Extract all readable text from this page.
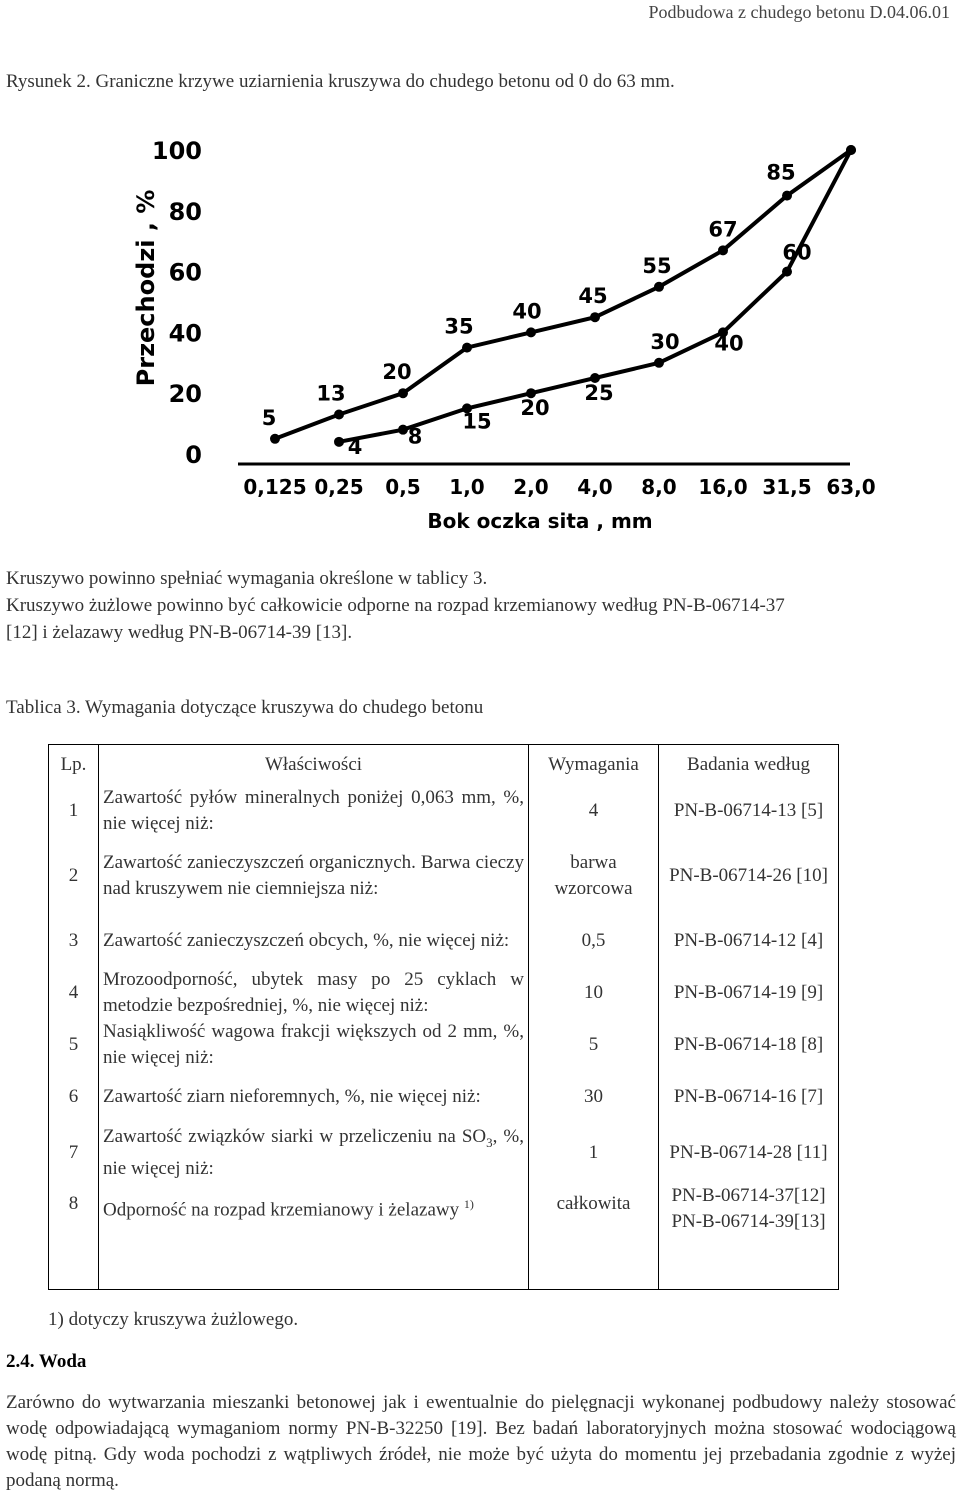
Podbudowa z chudego betonu D.04.06.01
Rysunek 2. Graniczne krzywe uziarnienia kruszywa do chudego betonu od 0 do 63 mm.
Przechodzi , %
0
20
40
60
80
100
0,125 0,25 0,5 1,0 2,0 4,0 8,0 16,0 31,5 63,0
5
13
20
35
40
45
55
67
85
4 8
15
20
25
30 40
60
Bok oczka sita , mm
Kruszywo powinno spełniać wymagania określone w tablicy 3.
Kruszywo żużlowe powinno być całkowicie odporne na rozpad krzemianowy według PN-B-06714-37
[12] i żelazawy według PN-B-06714-39 [13].
Tablica 3. Wymagania dotyczące kruszywa do chudego betonu
Lp.	Właściwości	Wymagania	Badania według
1	Zawartość pyłów mineralnych poniżej 0,063 mm, %, nie więcej niż:	4	PN-B-06714-13 [5]
2	Zawartość zanieczyszczeń organicznych. Barwa cieczy nad kruszywem nie ciemniejsza niż:	barwa wzorcowa	PN-B-06714-26 [10]
3	Zawartość zanieczyszczeń obcych, %, nie więcej niż:	0,5	PN-B-06714-12 [4]
4	Mrozoodporność, ubytek masy po 25 cyklach w metodzie bezpośredniej, %, nie więcej niż:	10	PN-B-06714-19 [9]
5	Nasiąkliwość wagowa frakcji większych od 2 mm, %, nie więcej niż:	5	PN-B-06714-18 [8]
6	Zawartość ziarn nieforemnych, %, nie więcej niż:	30	PN-B-06714-16 [7]
7	Zawartość związków siarki w przeliczeniu na $SO_3$, %, nie więcej niż:	1	PN-B-06714-28 [11]
8	Odporność na rozpad krzemianowy i żelazawy $^{1)}$	całkowita	PN-B-06714-37[12] PN-B-06714-39[13]
1) dotyczy kruszywa żużlowego.
2.4. Woda
Zarówno do wytwarzania mieszanki betonowej jak i ewentualnie do pielęgnacji wykonanej podbudowy należy stosować wodę odpowiadającą wymaganiom normy PN-B-32250 [19]. Bez badań laboratoryjnych można stosować wodociągową wodę pitną. Gdy woda pochodzi z wątpliwych źródeł, nie może być użyta do momentu jej przebadania zgodnie z wyżej podaną normą.
